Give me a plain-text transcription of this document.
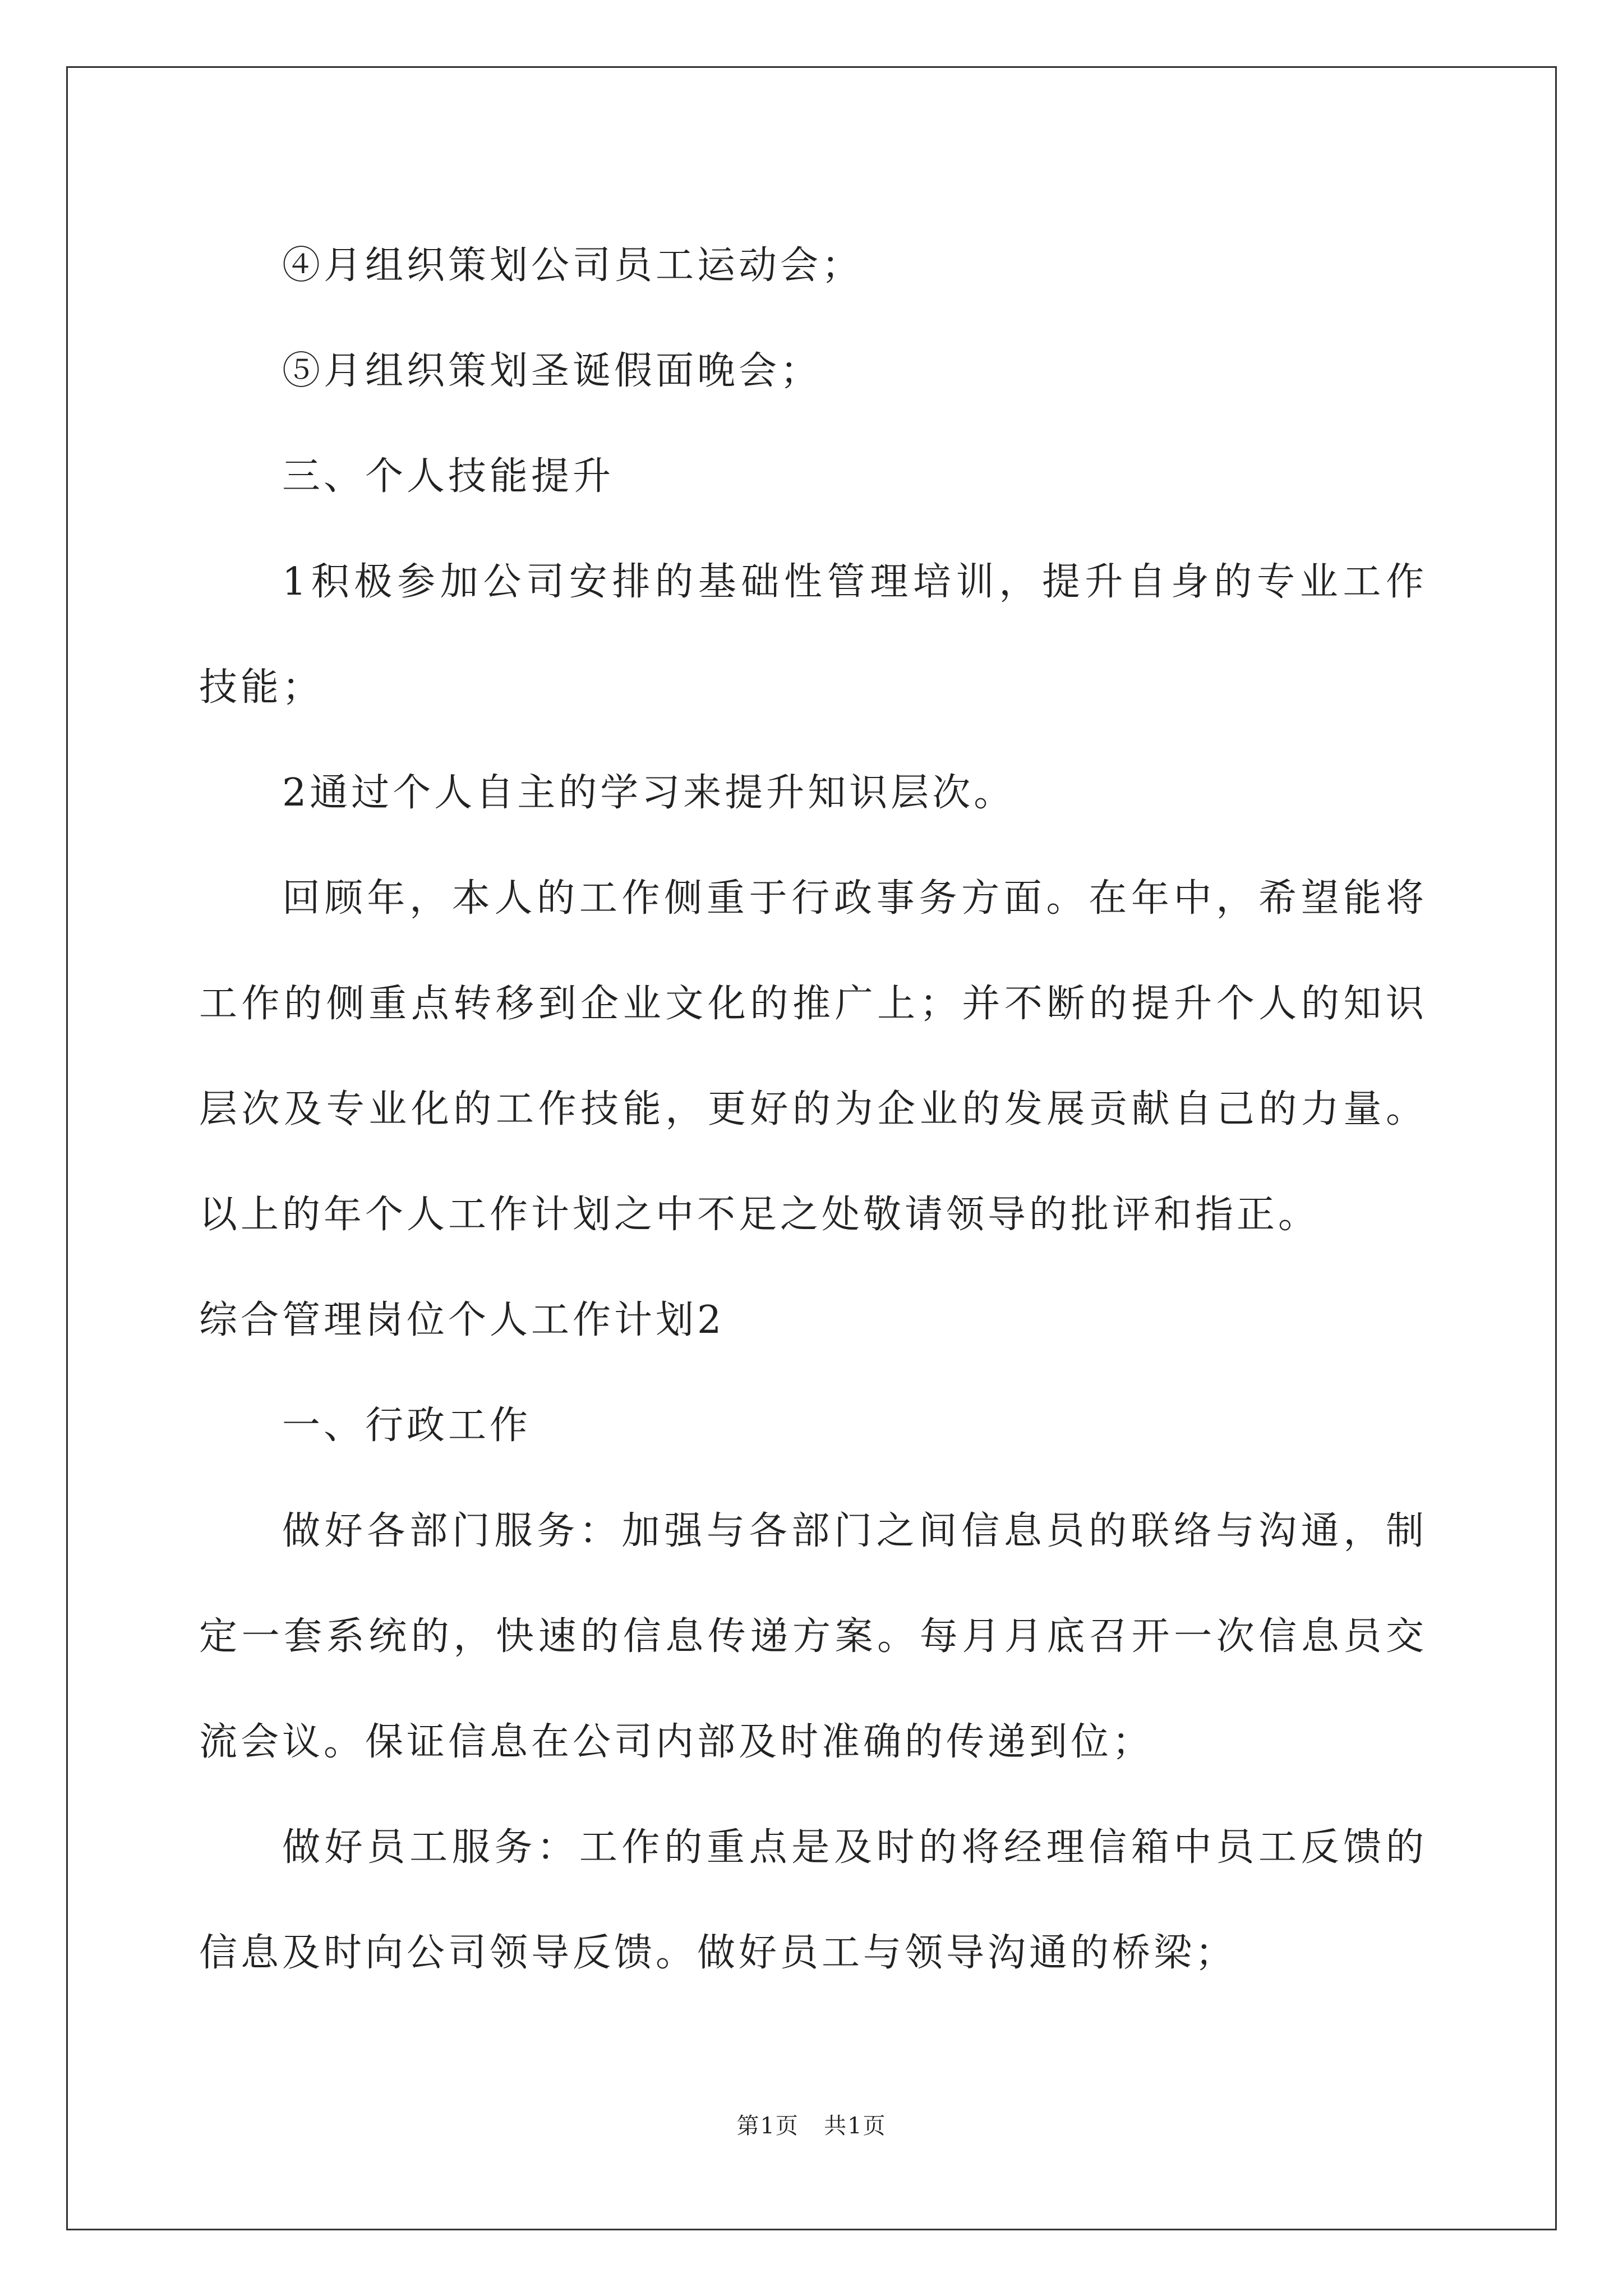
④月组织策划公司员工运动会；

⑤月组织策划圣诞假面晚会；

三、个人技能提升

1积极参加公司安排的基础性管理培训，提升自身的专业工作技能；

2通过个人自主的学习来提升知识层次。

回顾年，本人的工作侧重于行政事务方面。在年中，希望能将工作的侧重点转移到企业文化的推广上；并不断的提升个人的知识层次及专业化的工作技能，更好的为企业的发展贡献自己的力量。以上的年个人工作计划之中不足之处敬请领导的批评和指正。

综合管理岗位个人工作计划2

一、行政工作

做好各部门服务：加强与各部门之间信息员的联络与沟通，制定一套系统的，快速的信息传递方案。每月月底召开一次信息员交流会议。保证信息在公司内部及时准确的传递到位；

做好员工服务：工作的重点是及时的将经理信箱中员工反馈的信息及时向公司领导反馈。做好员工与领导沟通的桥梁；

第1页 共1页
